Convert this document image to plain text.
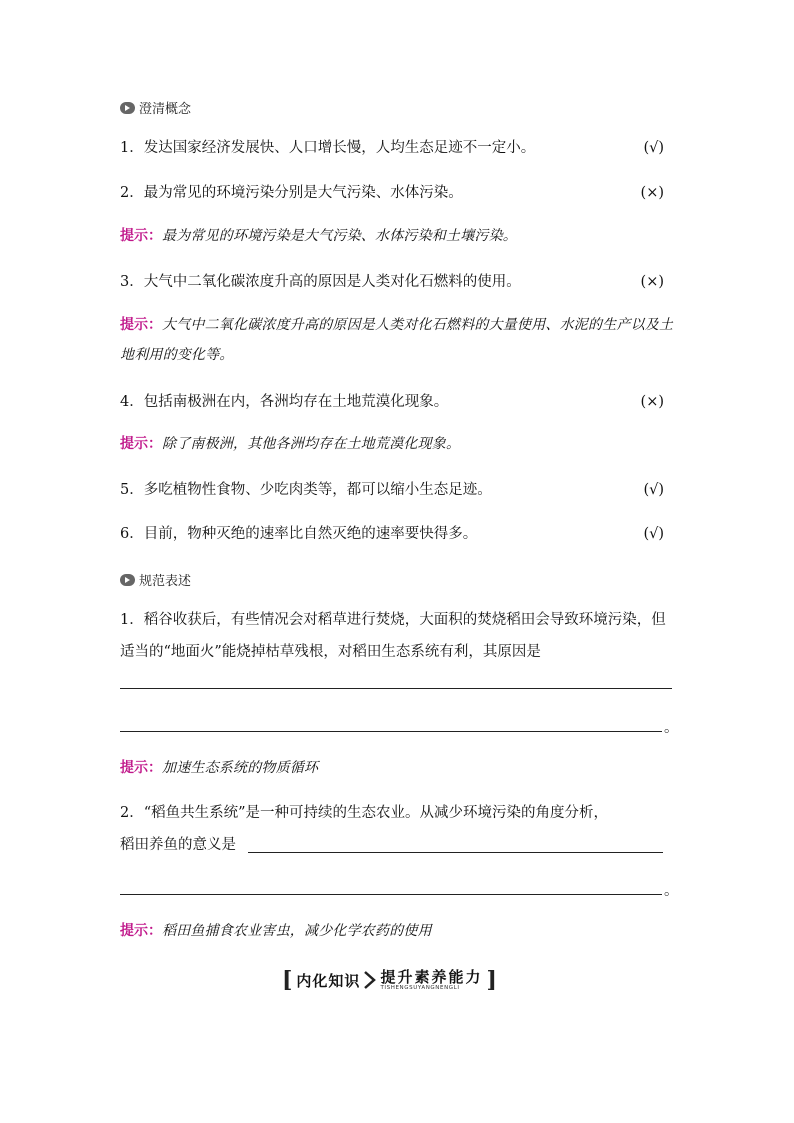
澄清概念
1．发达国家经济发展快、人口增长慢，人均生态足迹不一定小。	(√)
2．最为常见的环境污染分别是大气污染、水体污染。	(×)
提示：最为常见的环境污染是大气污染、水体污染和土壤污染。
3．大气中二氧化碳浓度升高的原因是人类对化石燃料的使用。	(×)
提示：大气中二氧化碳浓度升高的原因是人类对化石燃料的大量使用、水泥的生产以及土地利用的变化等。
4．包括南极洲在内，各洲均存在土地荒漠化现象。	(×)
提示：除了南极洲，其他各洲均存在土地荒漠化现象。
5．多吃植物性食物、少吃肉类等，都可以缩小生态足迹。	(√)
6．目前，物种灭绝的速率比自然灭绝的速率要快得多。	(√)
规范表述
1．稻谷收获后，有些情况会对稻草进行焚烧，大面积的焚烧稻田会导致环境污染，但适当的“地面火”能烧掉枯草残根，对稻田生态系统有利，其原因是
。
提示：加速生态系统的物质循环
2．“稻鱼共生系统”是一种可持续的生态农业。从减少环境污染的角度分析，
稻田养鱼的意义是
。
提示：稻田鱼捕食农业害虫，减少化学农药的使用
[ 内化知识 提升素养能力
TISHENGSUYANGNENGLI ]
